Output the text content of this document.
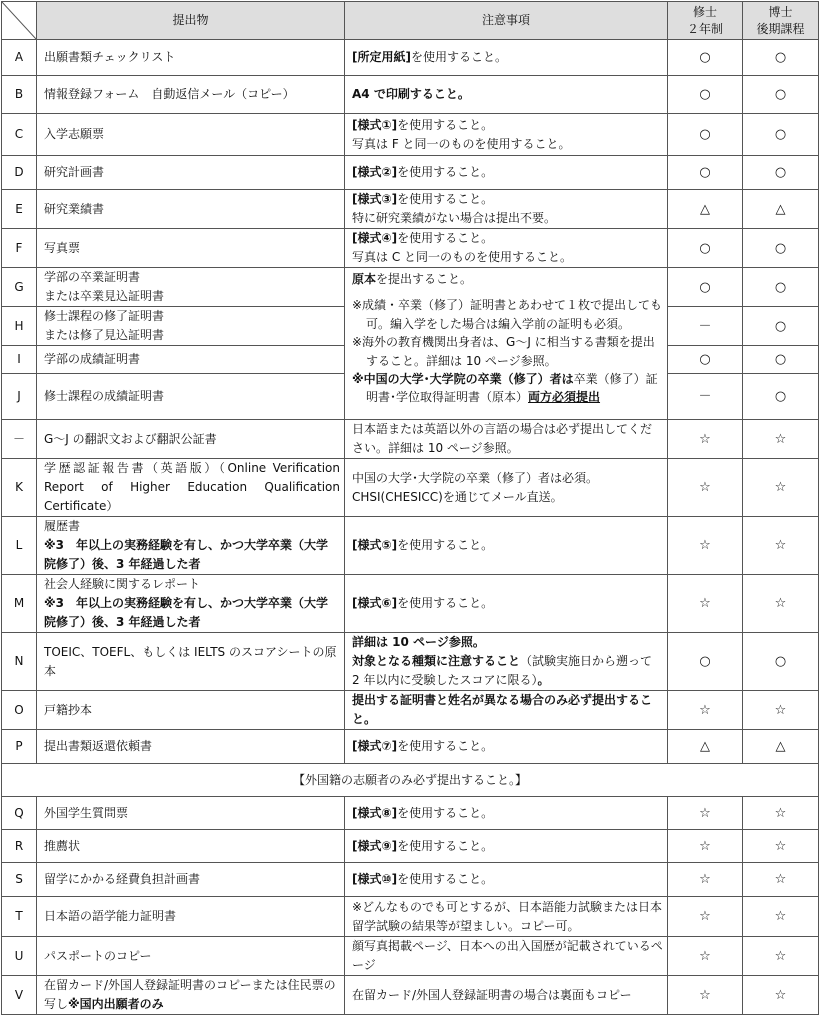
	提出物	注意事項	修士
２年制	博士
後期課程
A	出願書類チェックリスト	[所定用紙]を使用すること。	○	○
B	情報登録フォーム　自動返信メール（コピー）	A4 で印刷すること。	○	○
C	入学志願票	[様式①]を使用すること。
写真は F と同一のものを使用すること。	○	○
D	研究計画書	[様式②]を使用すること。	○	○
E	研究業績書	[様式③]を使用すること。
特に研究業績がない場合は提出不要。	△	△
F	写真票	[様式④]を使用すること。
写真は C と同一のものを使用すること。	○	○
G	学部の卒業証明書
または卒業見込証明書	原本を提出すること。
※成績・卒業（修了）証明書とあわせて１枚で提出しても可。編入学をした場合は編入学前の証明も必須。
※海外の教育機関出身者は、G～J に相当する書類を提出すること。詳細は 10 ページ参照。
※中国の大学･大学院の卒業（修了）者は卒業（修了）証明書･学位取得証明書（原本）両方必須提出	○	○
H	修士課程の修了証明書
または修了見込証明書		－	○
I	学部の成績証明書		○	○
J	修士課程の成績証明書		－	○
－	G～J の翻訳文および翻訳公証書	日本語または英語以外の言語の場合は必ず提出してください。詳細は 10 ページ参照。	☆	☆
K	学歴認証報告書（英語版）（Online Verification Report of Higher Education Qualification Certificate）	中国の大学･大学院の卒業（修了）者は必須。
CHSI(CHESICC)を通じてメール直送。	☆	☆
L	履歴書
※3　年以上の実務経験を有し、かつ大学卒業（大学院修了）後、3 年経過した者	[様式⑤]を使用すること。	☆	☆
M	社会人経験に関するレポート
※3　年以上の実務経験を有し、かつ大学卒業（大学院修了）後、3 年経過した者	[様式⑥]を使用すること。	☆	☆
N	TOEIC、TOEFL、もしくは IELTS のスコアシートの原本	詳細は 10 ページ参照。
対象となる種類に注意すること（試験実施日から遡って 2 年以内に受験したスコアに限る）。	○	○
O	戸籍抄本	提出する証明書と姓名が異なる場合のみ必ず提出すること。	☆	☆
P	提出書類返還依頼書	[様式⑦]を使用すること。	△	△
【外国籍の志願者のみ必ず提出すること。】				
Q	外国学生質問票	[様式⑧]を使用すること。	☆	☆
R	推薦状	[様式⑨]を使用すること。	☆	☆
S	留学にかかる経費負担計画書	[様式⑩]を使用すること。	☆	☆
T	日本語の語学能力証明書	※どんなものでも可とするが、日本語能力試験または日本留学試験の結果等が望ましい。コピー可。	☆	☆
U	パスポートのコピー	顔写真掲載ページ、日本への出入国歴が記載されているページ	☆	☆
V	在留カード/外国人登録証明書のコピーまたは住民票の写し※国内出願者のみ	在留カード/外国人登録証明書の場合は裏面もコピー	☆	☆
